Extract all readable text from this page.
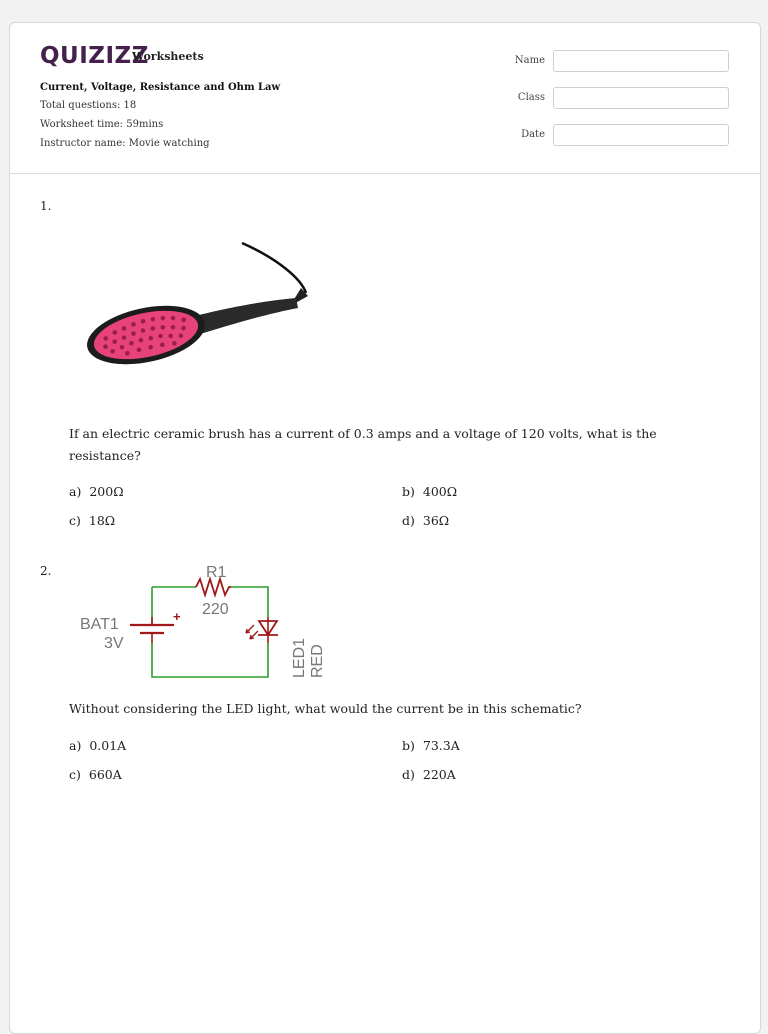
QUIZIZZ
Worksheets
Current, Voltage, Resistance and Ohm Law
Total questions: 18
Worksheet time: 59mins
Instructor name: Movie watching
Name
Class
Date
1.
If an electric ceramic brush has a current of 0.3 amps and a voltage of 120 volts, what is the resistance?
a) 200Ω	b) 400Ω
c) 18Ω	d) 36Ω
2.
+
R1
220
BAT1
3V	LED1 RED
Without considering the LED light, what would the current be in this schematic?
a) 0.01A	b) 73.3A
c) 660A	d) 220A
